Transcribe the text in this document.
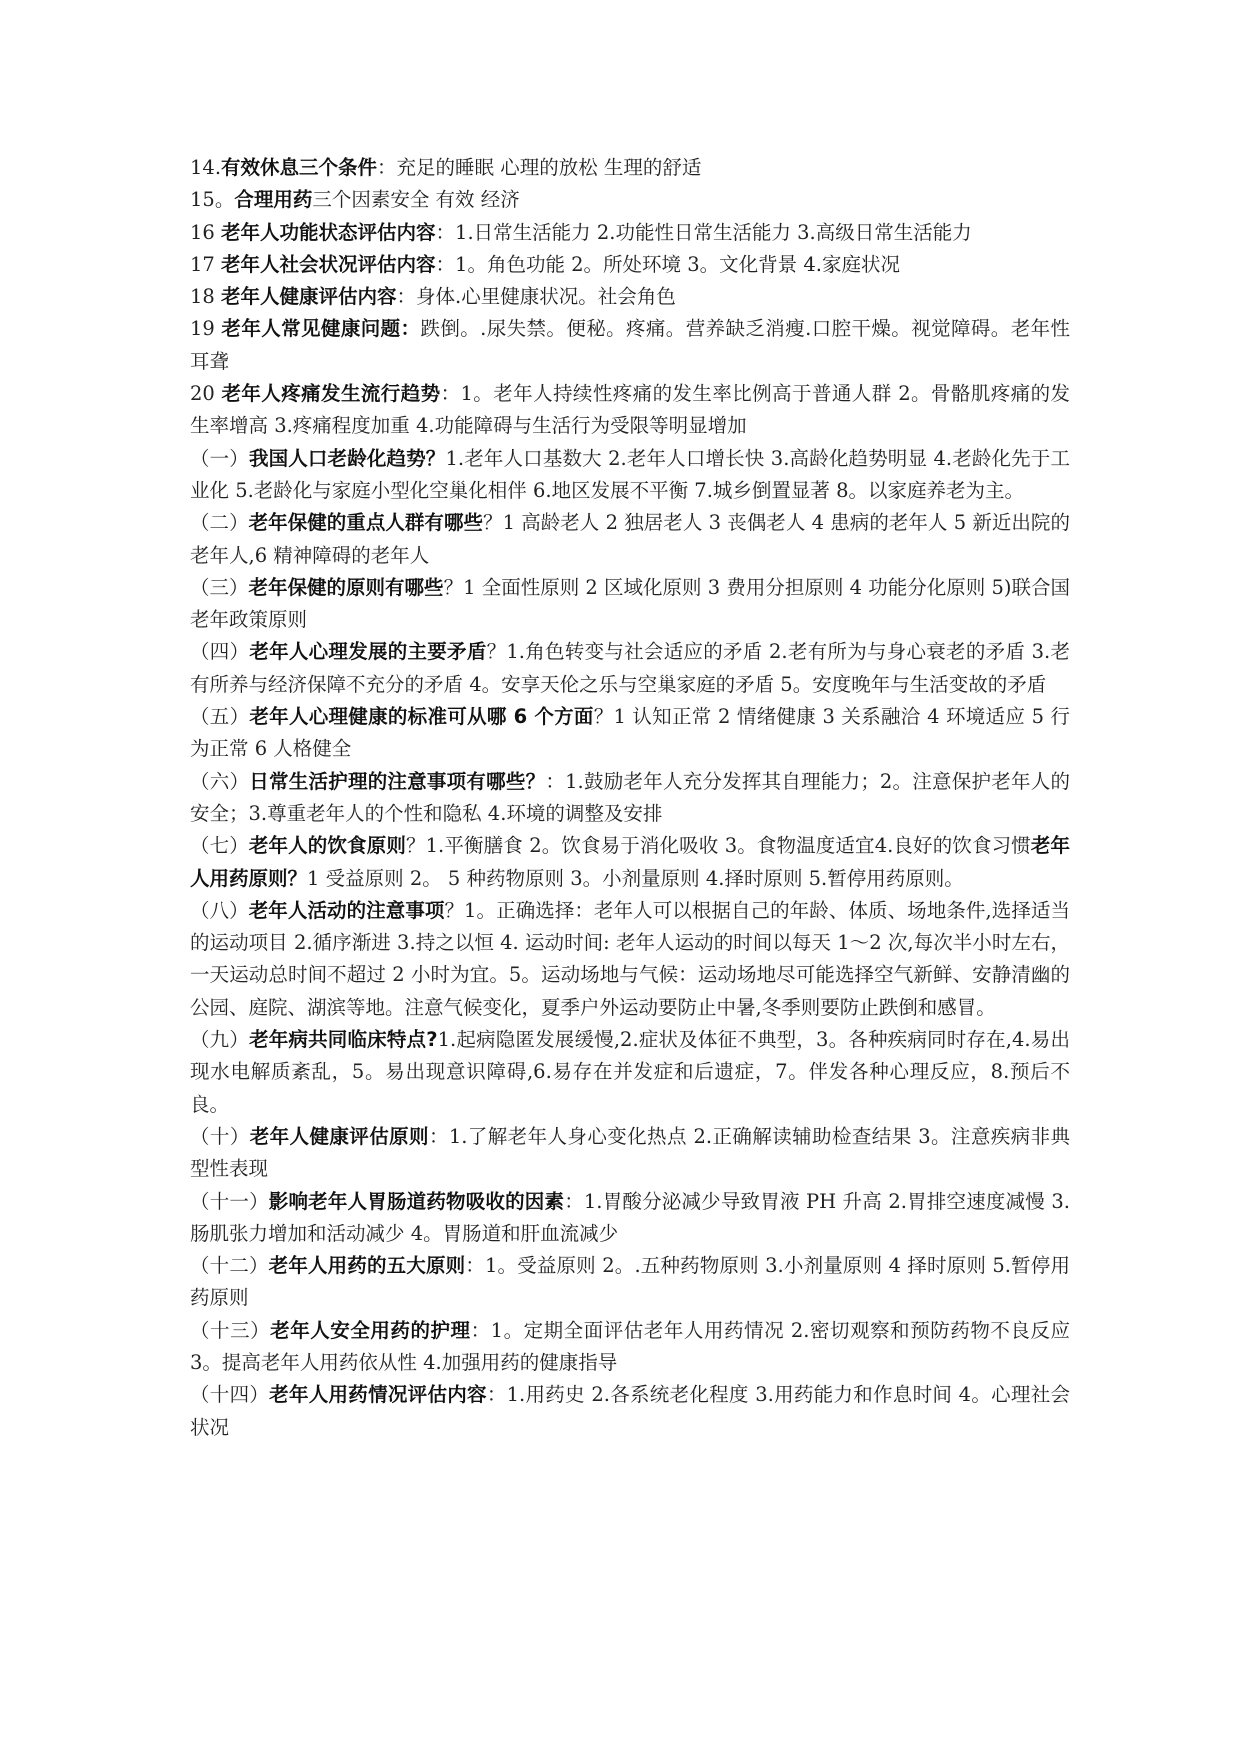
14.有效休息三个条件：充足的睡眠 心理的放松 生理的舒适

15。合理用药三个因素安全 有效 经济

16 老年人功能状态评估内容：1.日常生活能力 2.功能性日常生活能力 3.高级日常生活能力

17 老年人社会状况评估内容：1。角色功能 2。所处环境 3。文化背景 4.家庭状况

18 老年人健康评估内容：身体.心里健康状况。社会角色

19 老年人常见健康问题：跌倒。.尿失禁。便秘。疼痛。营养缺乏消瘦.口腔干燥。视觉障碍。老年性耳聋

20 老年人疼痛发生流行趋势：1。老年人持续性疼痛的发生率比例高于普通人群 2。骨骼肌疼痛的发生率增高 3.疼痛程度加重 4.功能障碍与生活行为受限等明显增加

（一）我国人口老龄化趋势？1.老年人口基数大 2.老年人口增长快 3.高龄化趋势明显 4.老龄化先于工业化 5.老龄化与家庭小型化空巢化相伴 6.地区发展不平衡 7.城乡倒置显著 8。以家庭养老为主。

（二）老年保健的重点人群有哪些？1 高龄老人 2 独居老人 3 丧偶老人 4 患病的老年人 5 新近出院的老年人,6 精神障碍的老年人

（三）老年保健的原则有哪些？1 全面性原则 2 区域化原则 3 费用分担原则 4 功能分化原则 5)联合国老年政策原则

（四）老年人心理发展的主要矛盾？1.角色转变与社会适应的矛盾 2.老有所为与身心衰老的矛盾 3.老有所养与经济保障不充分的矛盾 4。安享天伦之乐与空巢家庭的矛盾 5。安度晚年与生活变故的矛盾

（五）老年人心理健康的标准可从哪 6 个方面？1 认知正常 2 情绪健康 3 关系融洽 4 环境适应 5 行为正常 6 人格健全

（六）日常生活护理的注意事项有哪些？：1.鼓励老年人充分发挥其自理能力；2。注意保护老年人的安全；3.尊重老年人的个性和隐私 4.环境的调整及安排

（七）老年人的饮食原则？1.平衡膳食 2。饮食易于消化吸收 3。食物温度适宜4.良好的饮食习惯老年人用药原则？1 受益原则 2。 5 种药物原则 3。小剂量原则 4.择时原则 5.暂停用药原则。

（八）老年人活动的注意事项？1。正确选择：老年人可以根据自己的年龄、体质、场地条件,选择适当的运动项目 2.循序渐进 3.持之以恒 4. 运动时间: 老年人运动的时间以每天 1～2 次,每次半小时左右，一天运动总时间不超过 2 小时为宜。5。运动场地与气候：运动场地尽可能选择空气新鲜、安静清幽的公园、庭院、湖滨等地。注意气候变化，夏季户外运动要防止中暑,冬季则要防止跌倒和感冒。

（九）老年病共同临床特点?1.起病隐匿发展缓慢,2.症状及体征不典型，3。各种疾病同时存在,4.易出现水电解质紊乱，5。易出现意识障碍,6.易存在并发症和后遗症，7。伴发各种心理反应，8.预后不良。

（十）老年人健康评估原则：1.了解老年人身心变化热点 2.正确解读辅助检查结果 3。注意疾病非典型性表现

（十一）影响老年人胃肠道药物吸收的因素：1.胃酸分泌减少导致胃液 PH 升高 2.胃排空速度减慢 3.肠肌张力增加和活动减少 4。胃肠道和肝血流减少

（十二）老年人用药的五大原则：1。受益原则 2。.五种药物原则 3.小剂量原则 4 择时原则 5.暂停用药原则

（十三）老年人安全用药的护理：1。定期全面评估老年人用药情况 2.密切观察和预防药物不良反应 3。提高老年人用药依从性 4.加强用药的健康指导

（十四）老年人用药情况评估内容：1.用药史 2.各系统老化程度 3.用药能力和作息时间 4。心理社会状况
